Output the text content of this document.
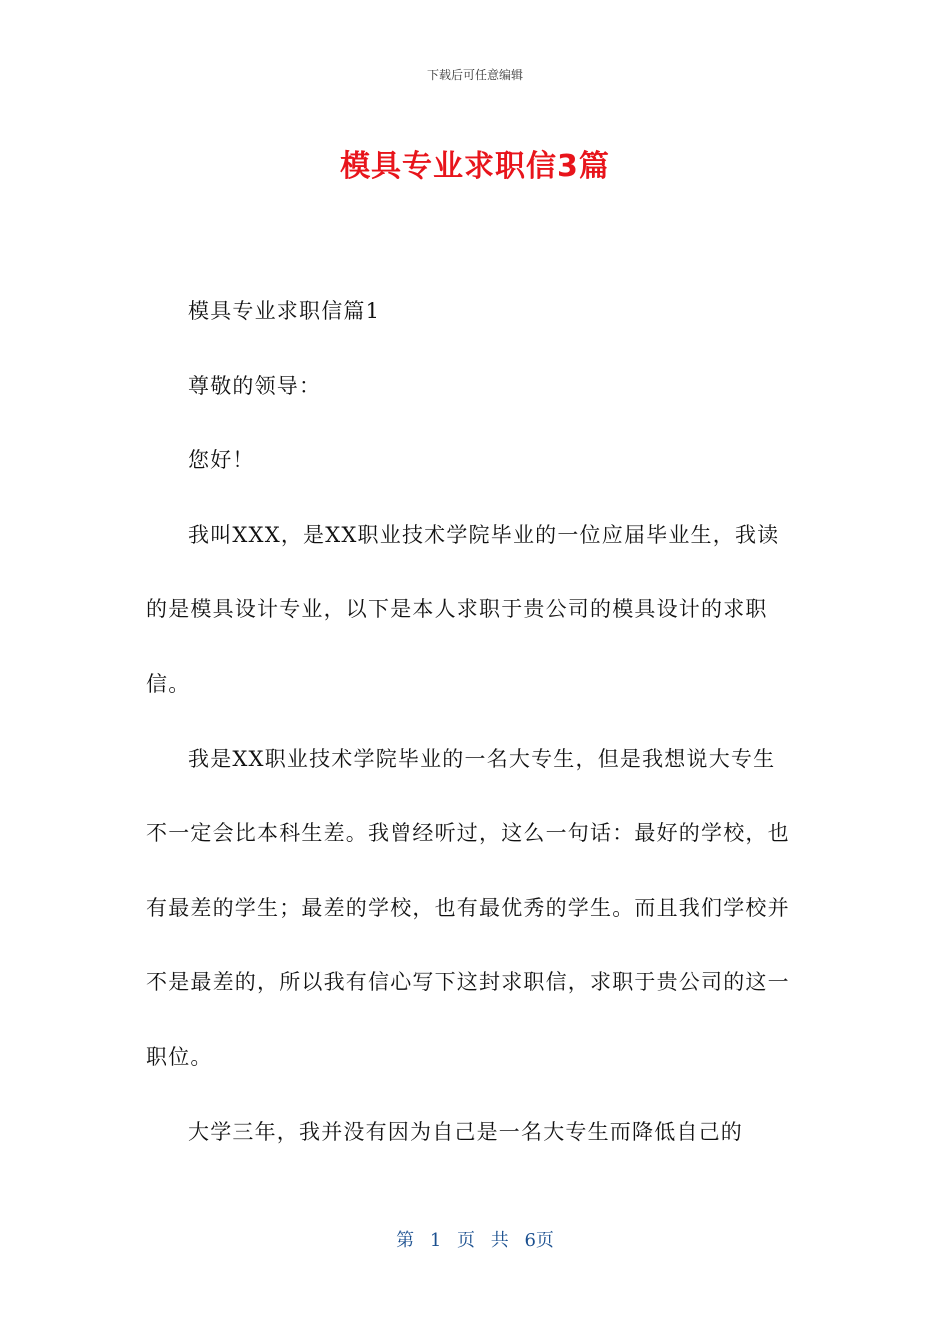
下载后可任意编辑
模具专业求职信3篇

模具专业求职信篇1

尊敬的领导：

您好！

我叫XXX，是XX职业技术学院毕业的一位应届毕业生，我读的是模具设计专业，以下是本人求职于贵公司的模具设计的求职信。

我是XX职业技术学院毕业的一名大专生，但是我想说大专生不一定会比本科生差。我曾经听过，这么一句话：最好的学校，也有最差的学生；最差的学校，也有最优秀的学生。而且我们学校并不是最差的，所以我有信心写下这封求职信，求职于贵公司的这一职位。

大学三年，我并没有因为自己是一名大专生而降低自己的

第 1 页 共 6页
